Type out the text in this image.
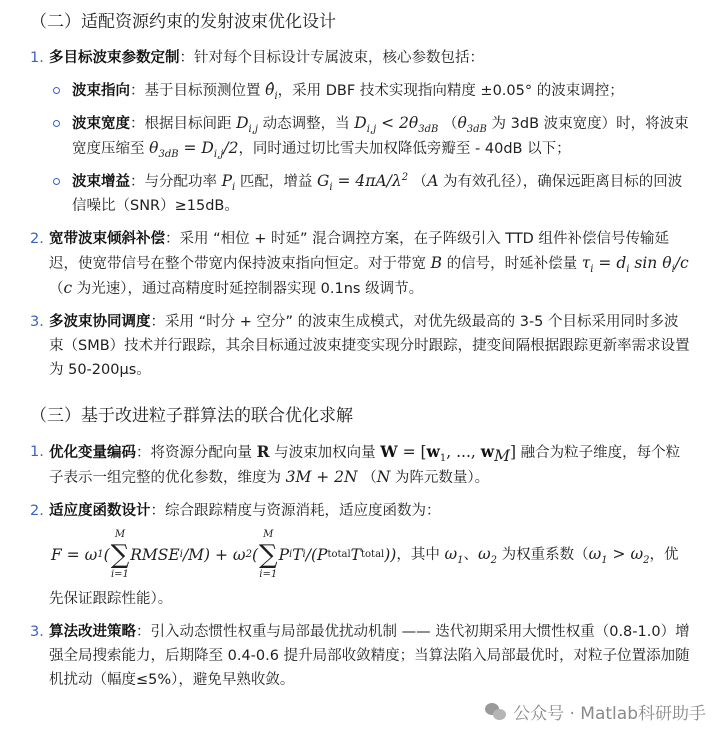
（二）适配资源约束的发射波束优化设计
1. 多目标波束参数定制：针对每个目标设计专属波束，核心参数包括：
波束指向：基于目标预测位置 $\thetâ_i$，采用 DBF 技术实现指向精度 ±0.05° 的波束调控；
波束宽度：根据目标间距 $D_{i,j}$ 动态调整，当 $D_{i,j} < 2\theta_{3dB}$ （$\theta_{3dB}$ 为 3dB 波束宽度）时，将波束宽度压缩至 $\theta_{3dB} = D_{i,j}/2$，同时通过切比雪夫加权降低旁瓣至 - 40dB 以下；
波束增益：与分配功率 $P_i$ 匹配，增益 $G_i = 4\pi A/\lambda^2$ （A 为有效孔径），确保远距离目标的回波信噪比（SNR）≥15dB。
2. 宽带波束倾斜补偿：采用 “相位 + 时延” 混合调控方案，在子阵级引入 TTD 组件补偿信号传输延迟，使宽带信号在整个带宽内保持波束指向恒定。对于带宽 B 的信号，时延补偿量 $\tau_i = d_i$ $\sin \theta_i/c$ （c 为光速），通过高精度时延控制器实现 0.1ns 级调节。
3. 多波束协同调度：采用 “时分 + 空分” 的波束生成模式，对优先级最高的 3-5 个目标采用同时多波束（SMB）技术并行跟踪，其余目标通过波束捷变实现分时跟踪，捷变间隔根据跟踪更新率需求设置为 50-200μs。
（三）基于改进粒子群算法的联合优化求解
1. 优化变量编码：将资源分配向量 R 与波束加权向量 $W = [w_1$, ..., $w_M$] 融合为粒子维度，每个粒子表示一组完整的优化参数，维度为 3M + 2N （N 为阵元数量）。
2. 适应度函数设计：综合跟踪精度与资源消耗，适应度函数为：

F = ω 1 (
M
∑
i=1
RMSE i /M) + ω 2 (
M
∑
i=1
P i T i /(P total T total )) ，其中 $\omega_1$、$\omega_2$ 为权重系数（$\omega_1 > \omega_2$，优先保证跟踪性能）。
3. 算法改进策略：引入动态惯性权重与局部最优扰动机制 —— 迭代初期采用大惯性权重（0.8-1.0）增强全局搜索能力，后期降至 0.4-0.6 提升局部收敛精度；当算法陷入局部最优时，对粒子位置添加随机扰动（幅度≤5%），避免早熟收敛。
公众号 · Matlab科研助手
